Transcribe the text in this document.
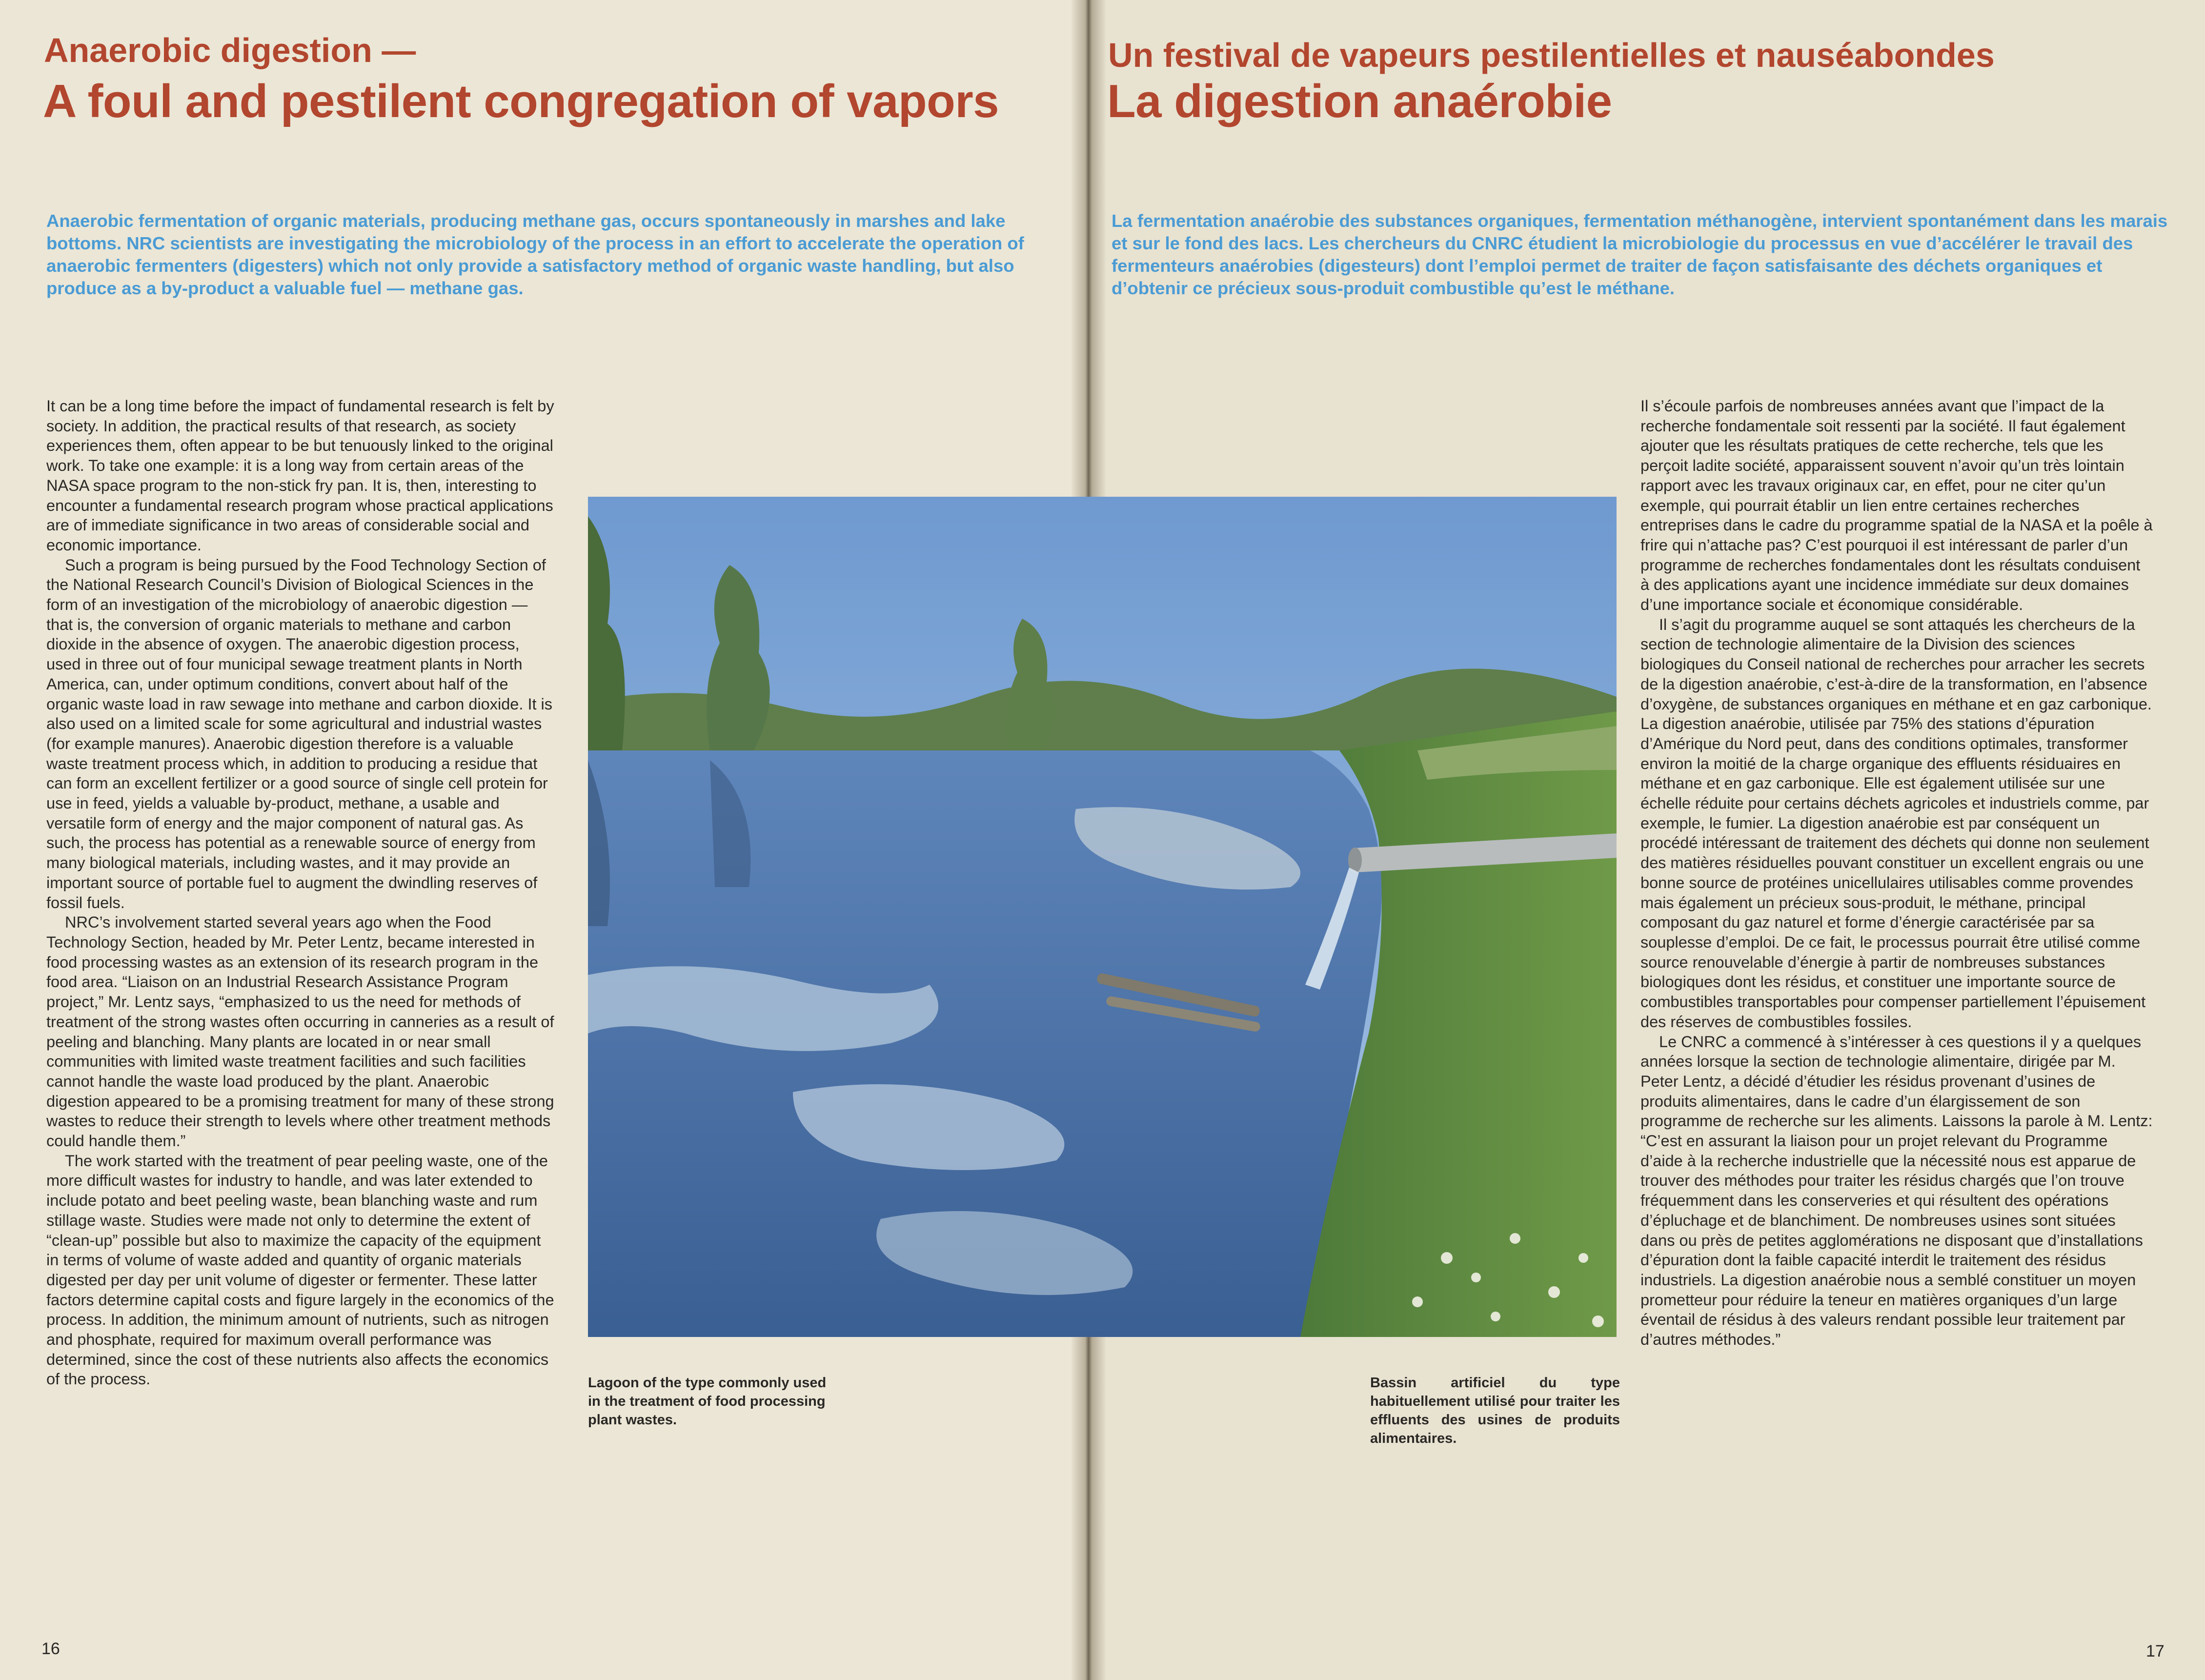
Anaerobic digestion —
A foul and pestilent congregation of vapors
Anaerobic fermentation of organic materials, producing methane gas, occurs spontaneously in marshes and lake bottoms. NRC scientists are investigating the microbiology of the process in an effort to accelerate the operation of anaerobic fermenters (digesters) which not only provide a satisfactory method of organic waste handling, but also produce as a by-product a valuable fuel — methane gas.

It can be a long time before the impact of fundamental research is felt by society. In addition, the practical results of that research, as society experiences them, often appear to be but tenuously linked to the original work. To take one example: it is a long way from certain areas of the NASA space program to the non-stick fry pan. It is, then, interesting to encounter a fundamental research program whose practical applications are of immediate significance in two areas of considerable social and economic importance.

Such a program is being pursued by the Food Technology Section of the National Research Council’s Division of Biological Sciences in the form of an investigation of the microbiology of anaerobic digestion — that is, the conversion of organic materials to methane and carbon dioxide in the absence of oxygen. The anaerobic digestion process, used in three out of four municipal sewage treatment plants in North America, can, under optimum conditions, convert about half of the organic waste load in raw sewage into methane and carbon dioxide. It is also used on a limited scale for some agricultural and industrial wastes (for example manures). Anaerobic digestion therefore is a valuable waste treatment process which, in addition to producing a residue that can form an excellent fertilizer or a good source of single cell protein for use in feed, yields a valuable by-product, methane, a usable and versatile form of energy and the major component of natural gas. As such, the process has potential as a renewable source of energy from many biological materials, including wastes, and it may provide an important source of portable fuel to augment the dwindling reserves of fossil fuels.

NRC’s involvement started several years ago when the Food Technology Section, headed by Mr. Peter Lentz, became interested in food processing wastes as an extension of its research program in the food area. “Liaison on an Industrial Research Assistance Program project,” Mr. Lentz says, “emphasized to us the need for methods of treatment of the strong wastes often occurring in canneries as a result of peeling and blanching. Many plants are located in or near small communities with limited waste treatment facilities and such facilities cannot handle the waste load produced by the plant. Anaerobic digestion appeared to be a promising treatment for many of these strong wastes to reduce their strength to levels where other treatment methods could handle them.”

The work started with the treatment of pear peeling waste, one of the more difficult wastes for industry to handle, and was later extended to include potato and beet peeling waste, bean blanching waste and rum stillage waste. Studies were made not only to determine the extent of “clean-up” possible but also to maximize the capacity of the equipment in terms of volume of waste added and quantity of organic materials digested per day per unit volume of digester or fermenter. These latter factors determine capital costs and figure largely in the economics of the process. In addition, the minimum amount of nutrients, such as nitrogen and phosphate, required for maximum overall performance was determined, since the cost of these nutrients also affects the economics of the process.	Lagoon of the type commonly used in the treatment of food processing plant wastes.
16
Un festival de vapeurs pestilentielles et nauséabondes
La digestion anaérobie
La fermentation anaérobie des substances organiques, fermentation méthanogène, intervient spontanément dans les marais et sur le fond des lacs. Les chercheurs du CNRC étudient la microbiologie du processus en vue d’accélérer le travail des fermenteurs anaérobies (digesteurs) dont l’emploi permet de traiter de façon satisfaisante des déchets organiques et d’obtenir ce précieux sous-produit combustible qu’est le méthane.

Il s’écoule parfois de nombreuses années avant que l’impact de la recherche fondamentale soit ressenti par la société. Il faut également ajouter que les résultats pratiques de cette recherche, tels que les perçoit ladite société, apparaissent souvent n’avoir qu’un très lointain rapport avec les travaux originaux car, en effet, pour ne citer qu’un exemple, qui pourrait établir un lien entre certaines recherches entreprises dans le cadre du programme spatial de la NASA et la poêle à frire qui n’attache pas? C’est pourquoi il est intéressant de parler d’un programme de recherches fondamentales dont les résultats conduisent à des applications ayant une incidence immédiate sur deux domaines d’une importance sociale et économique considérable.

Il s’agit du programme auquel se sont attaqués les chercheurs de la section de technologie alimentaire de la Division des sciences biologiques du Conseil national de recherches pour arracher les secrets de la digestion anaérobie, c’est-à-dire de la transformation, en l’absence d’oxygène, de substances organiques en méthane et en gaz carbonique. La digestion anaérobie, utilisée par 75% des stations d’épuration d’Amérique du Nord peut, dans des conditions optimales, transformer environ la moitié de la charge organique des effluents résiduaires en méthane et en gaz carbonique. Elle est également utilisée sur une échelle réduite pour certains déchets agricoles et industriels comme, par exemple, le fumier. La digestion anaérobie est par conséquent un procédé intéressant de traitement des déchets qui donne non seulement des matières résiduelles pouvant constituer un excellent engrais ou une bonne source de protéines unicellulaires utilisables comme provendes mais également un précieux sous-produit, le méthane, principal composant du gaz naturel et forme d’énergie caractérisée par sa souplesse d’emploi. De ce fait, le processus pourrait être utilisé comme source renouvelable d’énergie à partir de nombreuses substances biologiques dont les résidus, et constituer une importante source de combustibles transportables pour compenser partiellement l’épuisement des réserves de combustibles fossiles.

Le CNRC a commencé à s’intéresser à ces questions il y a quelques années lorsque la section de technologie alimentaire, dirigée par M. Peter Lentz, a décidé d’étudier les résidus provenant d’usines de produits alimentaires, dans le cadre d’un élargissement de son programme de recherche sur les aliments. Laissons la parole à M. Lentz: “C’est en assurant la liaison pour un projet relevant du Programme d’aide à la recherche industrielle que la nécessité nous est apparue de trouver des méthodes pour traiter les résidus chargés que l’on trouve fréquemment dans les conserveries et qui résultent des opérations d’épluchage et de blanchiment. De nombreuses usines sont situées dans ou près de petites agglomérations ne disposant que d’installations d’épuration dont la faible capacité interdit le traitement des résidus industriels. La digestion anaérobie nous a semblé constituer un moyen prometteur pour réduire la teneur en matières organiques d’un large éventail de résidus à des valeurs rendant possible leur traitement par d’autres méthodes.”

Bassin artificiel du type habituellement utilisé pour traiter les effluents des usines de produits alimentaires.
17
